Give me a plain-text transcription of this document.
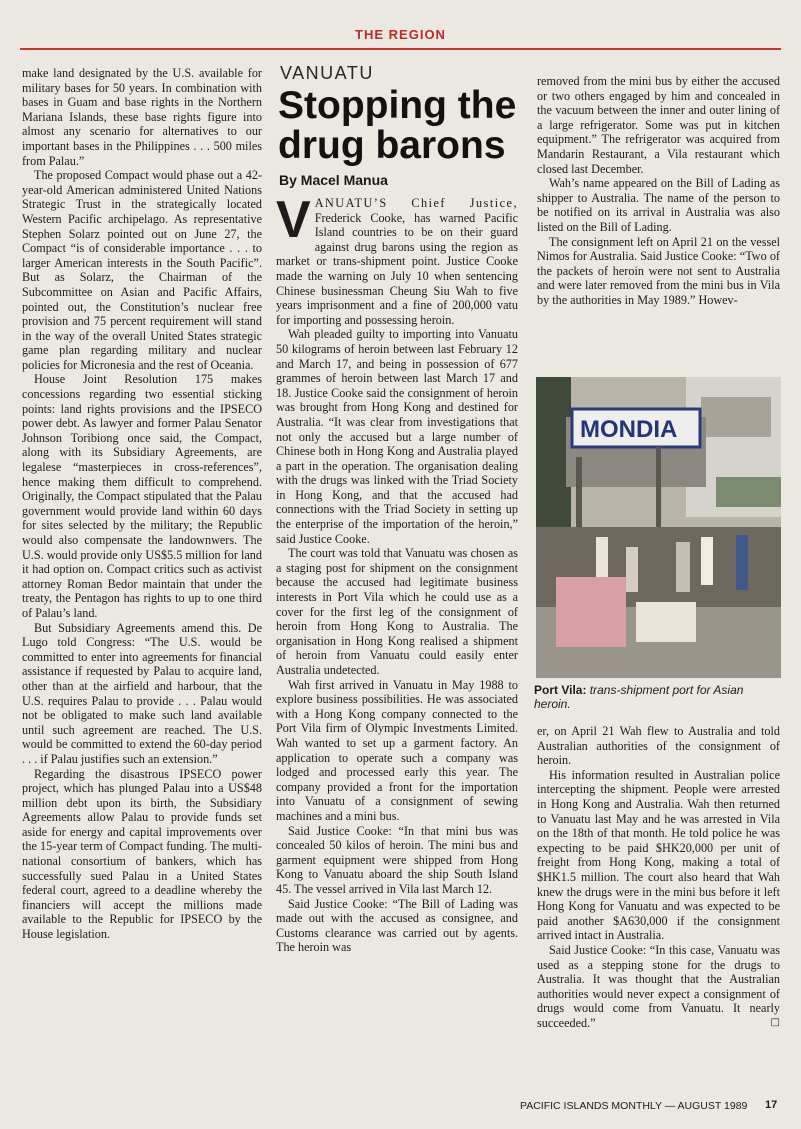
THE REGION

make land designated by the U.S. available for military bases for 50 years. In combination with bases in Guam and base rights in the Northern Mariana Islands, these base rights figure into almost any scenario for alternatives to our important bases in the Philippines . . . 500 miles from Palau.”

The proposed Compact would phase out a 42-year-old American administered United Nations Strategic Trust in the strategically located Western Pacific archipelago. As representative Stephen Solarz pointed out on June 27, the Compact “is of considerable importance . . . to larger American interests in the South Pacific”. But as Solarz, the Chairman of the Subcommittee on Asian and Pacific Affairs, pointed out, the Constitution’s nuclear free provision and 75 percent requirement will stand in the way of the overall United States strategic game plan regarding military and nuclear policies for Micronesia and the rest of Oceania.

House Joint Resolution 175 makes concessions regarding two essential sticking points: land rights provisions and the IPSECO power debt. As lawyer and former Palau Senator Johnson Toribiong once said, the Compact, along with its Subsidiary Agreements, are legalese “masterpieces in cross-references”, hence making them difficult to comprehend. Originally, the Compact stipulated that the Palau government would provide land within 60 days for sites selected by the military; the Republic would also compensate the landownwers. The U.S. would provide only US$5.5 million for land it had option on. Compact critics such as activist attorney Roman Bedor maintain that under the treaty, the Pentagon has rights to up to one third of Palau’s land.

But Subsidiary Agreements amend this. De Lugo told Congress: “The U.S. would be committed to enter into agreements for financial assistance if requested by Palau to acquire land, other than at the airfield and harbour, that the U.S. requires Palau to provide . . . Palau would not be obligated to make such land available until such agreement are reached. The U.S. would be committed to extend the 60-day period . . . if Palau justifies such an extension.”

Regarding the disastrous IPSECO power project, which has plunged Palau into a US$48 million debt upon its birth, the Subsidiary Agreements allow Palau to provide funds set aside for energy and capital improvements over the 15-year term of Compact funding. The multi-national consortium of bankers, which has successfully sued Palau in a United States federal court, agreed to a deadline whereby the financiers will accept the millions made available to the Republic for IPSECO by the House legislation.

VANUATU
Stopping the drug barons
By Macel Manua

VANUATU’S Chief Justice, Frederick Cooke, has warned Pacific Island countries to be on their guard against drug barons using the region as market or trans-shipment point. Justice Cooke made the warning on July 10 when sentencing Chinese businessman Cheung Siu Wah to five years imprisonment and a fine of 200,000 vatu for importing and possessing heroin.

Wah pleaded guilty to importing into Vanuatu 50 kilograms of heroin between last February 12 and March 17, and being in possession of 677 grammes of heroin between last March 17 and 18. Justice Cooke said the consignment of heroin was brought from Hong Kong and destined for Australia. “It was clear from investigations that not only the accused but a large number of Chinese both in Hong Kong and Australia played a part in the operation. The organisation dealing with the drugs was linked with the Triad Society in Hong Kong, and that the accused had connections with the Triad Society in setting up the enterprise of the importation of the heroin,” said Justice Cooke.

The court was told that Vanuatu was chosen as a staging post for shipment on the consignment because the accused had legitimate business interests in Port Vila which he could use as a cover for the first leg of the consignment of heroin from Hong Kong to Australia. The organisation in Hong Kong realised a shipment of heroin from Vanuatu could easily enter Australia undetected.

Wah first arrived in Vanuatu in May 1988 to explore business possibilities. He was associated with a Hong Kong company connected to the Port Vila firm of Olympic Investments Limited. Wah wanted to set up a garment factory. An application to operate such a company was lodged and processed early this year. The company provided a front for the importation into Vanuatu of a consignment of sewing machines and a mini bus.

Said Justice Cooke: “In that mini bus was concealed 50 kilos of heroin. The mini bus and garment equipment were shipped from Hong Kong to Vanuatu aboard the ship South Island 45. The vessel arrived in Vila last March 12.

Said Justice Cooke: “The Bill of Lading was made out with the accused as consignee, and Customs clearance was carried out by agents. The heroin was

removed from the mini bus by either the accused or two others engaged by him and concealed in the vacuum between the inner and outer lining of a large refrigerator. Some was put in kitchen equipment.” The refrigerator was acquired from Mandarin Restaurant, a Vila restaurant which closed last December.

Wah’s name appeared on the Bill of Lading as shipper to Australia. The name of the person to be notified on its arrival in Australia was also listed on the Bill of Lading.

The consignment left on April 21 on the vessel Nimos for Australia. Said Justice Cooke: “Two of the packets of heroin were not sent to Australia and were later removed from the mini bus in Vila by the authorities in May 1989.” Howev-

MONDIA
Port Vila: trans-shipment port for Asian heroin.

er, on April 21 Wah flew to Australia and told Australian authorities of the consignment of heroin.

His information resulted in Australian police intercepting the shipment. People were arrested in Hong Kong and Australia. Wah then returned to Vanuatu last May and he was arrested in Vila on the 18th of that month. He told police he was expecting to be paid $HK20,000 per unit of freight from Hong Kong, making a total of $HK1.5 million. The court also heard that Wah knew the drugs were in the mini bus before it left Hong Kong for Vanuatu and was expected to be paid another $A630,000 if the consignment arrived intact in Australia.

Said Justice Cooke: “In this case, Vanuatu was used as a stepping stone for the drugs to Australia. It was thought that the Australian authorities would never expect a consignment of drugs would come from Vanuatu. It nearly succeeded.”	□

PACIFIC ISLANDS MONTHLY — AUGUST 1989 17
